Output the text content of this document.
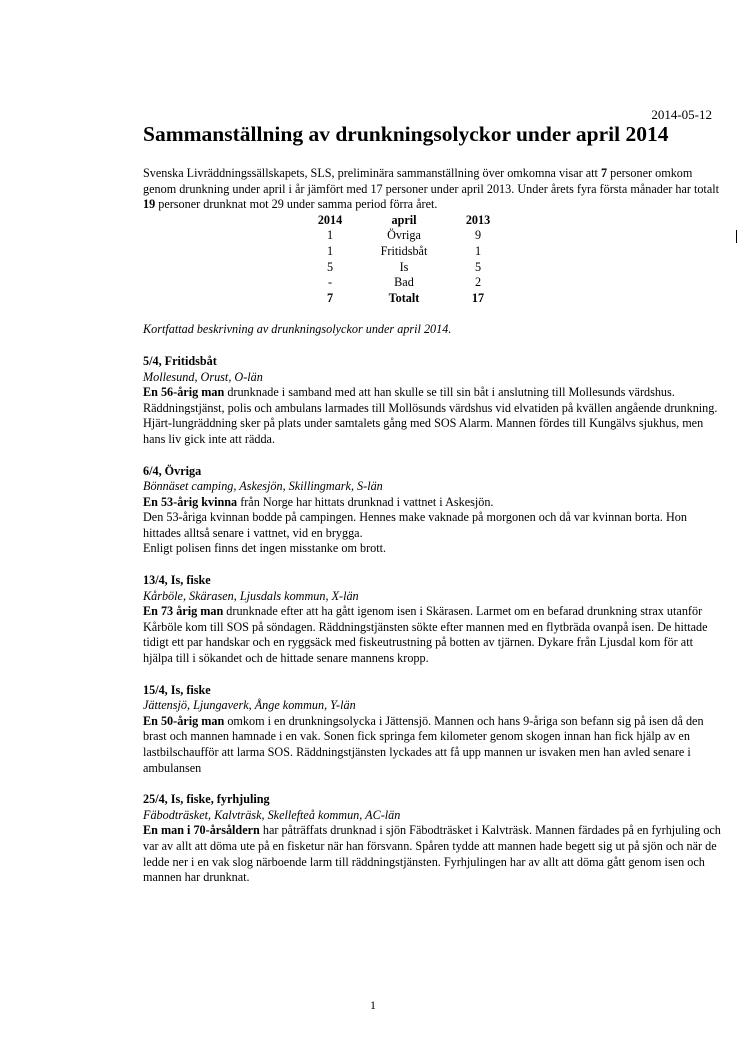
2014-05-12
Sammanställning av drunkningsolyckor under april 2014

Svenska Livräddningssällskapets, SLS, preliminära sammanställning över omkomna visar att 7 personer omkom genom drunkning under april i år jämfört med 17 personer under april 2013. Under årets fyra första månader har totalt 19 personer drunknat mot 29 under samma period förra året.

2014	april	2013
1	Övriga	9
1	Fritidsbåt	1
5	Is	5
-	Bad	2
7	Totalt	17

Kortfattad beskrivning av drunkningsolyckor under april 2014.

5/4, Fritidsbåt
Mollesund, Orust, O-län

En 56-årig man drunknade i samband med att han skulle se till sin båt i anslutning till Mollesunds värdshus. Räddningstjänst, polis och ambulans larmades till Mollösunds värdshus vid elvatiden på kvällen angående drunkning. Hjärt-lungräddning sker på plats under samtalets gång med SOS Alarm. Mannen fördes till Kungälvs sjukhus, men hans liv gick inte att rädda.

6/4, Övriga
Bönnäset camping, Askesjön, Skillingmark, S-län

En 53-årig kvinna från Norge har hittats drunknad i vattnet i Askesjön.

Den 53-åriga kvinnan bodde på campingen. Hennes make vaknade på morgonen och då var kvinnan borta. Hon hittades alltså senare i vattnet, vid en brygga.

Enligt polisen finns det ingen misstanke om brott.

13/4, Is, fiske
Kårböle, Skärasen, Ljusdals kommun, X-län

En 73 årig man drunknade efter att ha gått igenom isen i Skärasen. Larmet om en befarad drunkning strax utanför Kårböle kom till SOS på söndagen. Räddningstjänsten sökte efter mannen med en flytbräda ovanpå isen. De hittade tidigt ett par handskar och en ryggsäck med fiskeutrustning på botten av tjärnen. Dykare från Ljusdal kom för att hjälpa till i sökandet och de hittade senare mannens kropp.

15/4, Is, fiske
Jättensjö, Ljungaverk, Ånge kommun, Y-län

En 50-årig man omkom i en drunkningsolycka i Jättensjö. Mannen och hans 9-åriga son befann sig på isen då den brast och mannen hamnade i en vak. Sonen fick springa fem kilometer genom skogen innan han fick hjälp av en lastbilschaufför att larma SOS. Räddningstjänsten lyckades att få upp mannen ur isvaken men han avled senare i ambulansen

25/4, Is, fiske, fyrhjuling
Fäbodträsket, Kalvträsk, Skellefteå kommun, AC-län

En man i 70-årsåldern har påträffats drunknad i sjön Fäbodträsket i Kalvträsk. Mannen färdades på en fyrhjuling och var av allt att döma ute på en fisketur när han försvann. Spåren tydde att mannen hade begett sig ut på sjön och när de ledde ner i en vak slog närboende larm till räddningstjänsten. Fyrhjulingen har av allt att döma gått genom isen och mannen har drunknat.

1
